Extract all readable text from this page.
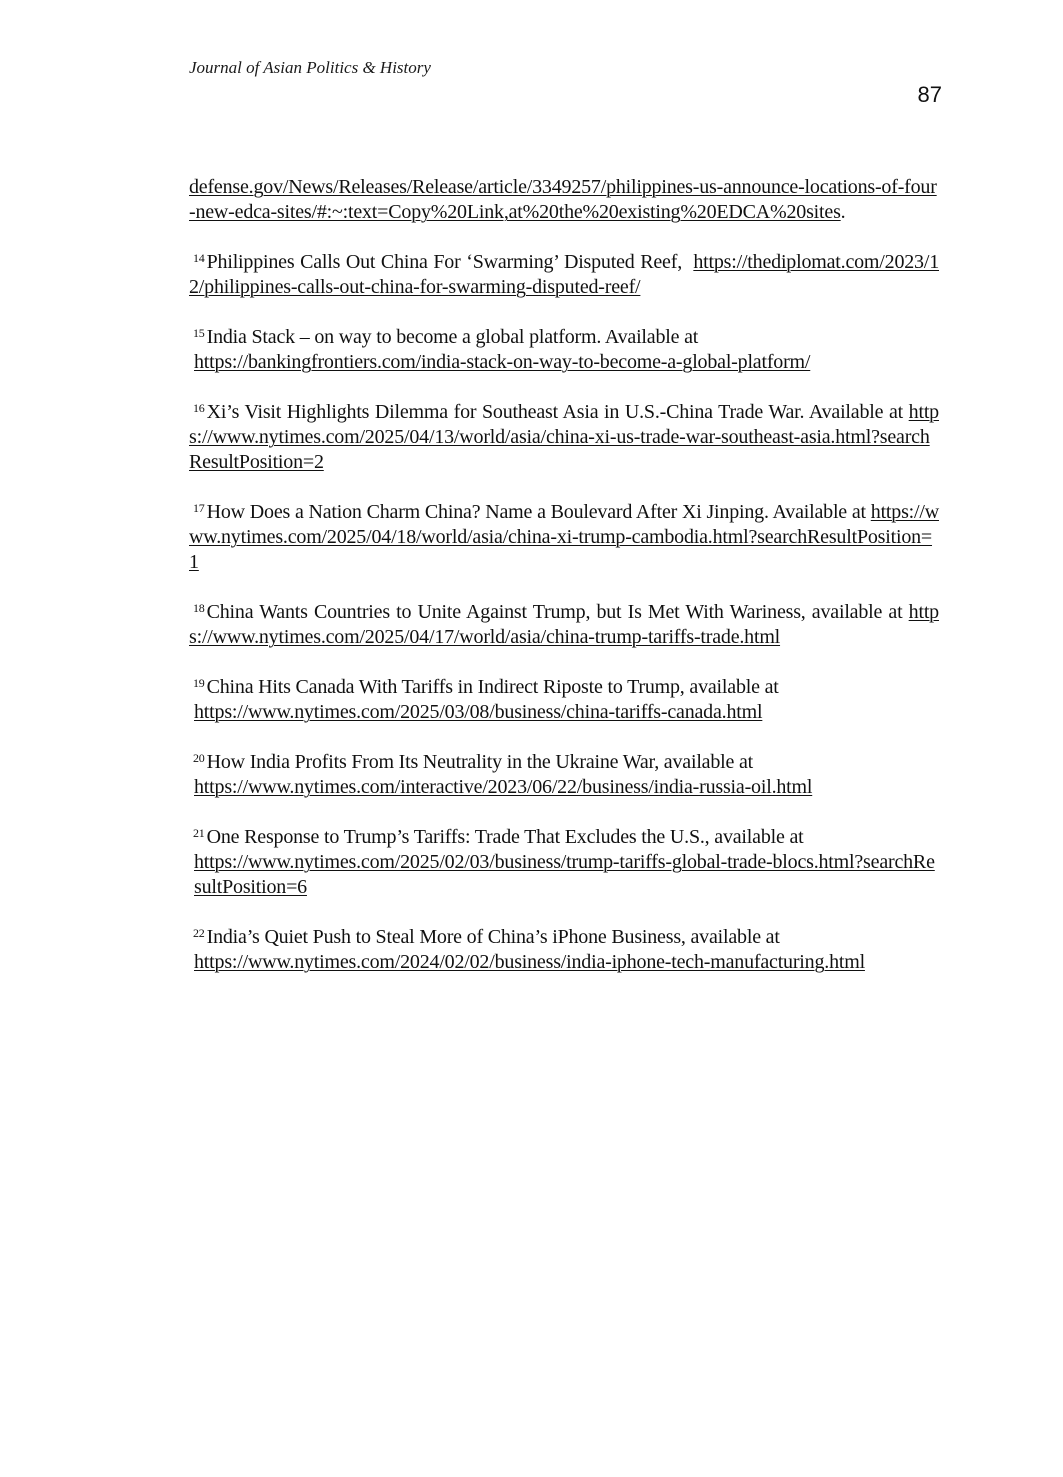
Journal of Asian Politics & History
87

defense.gov/News/Releases/Release/article/3349257/philippines-us-announce-locations-of-four-new-edca-sites/#:~:text=Copy%20Link,at%20the%20existing%20EDCA%20sites.

$^{14}$ Philippines Calls Out China For ‘Swarming’ Disputed Reef, https://thediplomat.com/2023/12/philippines-calls-out-china-for-swarming-disputed-reef/

$^{15}$ India Stack – on way to become a global platform. Available at
https://bankingfrontiers.com/india-stack-on-way-to-become-a-global-platform/

$^{16}$ Xi’s Visit Highlights Dilemma for Southeast Asia in U.S.-China Trade War. Available at https://www.nytimes.com/2025/04/13/world/asia/china-xi-us-trade-war-southeast-asia.html?searchResultPosition=2

$^{17}$ How Does a Nation Charm China? Name a Boulevard After Xi Jinping. Available at https://www.nytimes.com/2025/04/18/world/asia/china-xi-trump-cambodia.html?searchResultPosition=1

$^{18}$ China Wants Countries to Unite Against Trump, but Is Met With Wariness, available at https://www.nytimes.com/2025/04/17/world/asia/china-trump-tariffs-trade.html

$^{19}$ China Hits Canada With Tariffs in Indirect Riposte to Trump, available at
https://www.nytimes.com/2025/03/08/business/china-tariffs-canada.html

$^{20}$ How India Profits From Its Neutrality in the Ukraine War, available at
https://www.nytimes.com/interactive/2023/06/22/business/india-russia-oil.html

$^{21}$ One Response to Trump’s Tariffs: Trade That Excludes the U.S., available at
https://www.nytimes.com/2025/02/03/business/trump-tariffs-global-trade-blocs.html?searchResultPosition=6

$^{22}$ India’s Quiet Push to Steal More of China’s iPhone Business, available at
https://www.nytimes.com/2024/02/02/business/india-iphone-tech-manufacturing.html
